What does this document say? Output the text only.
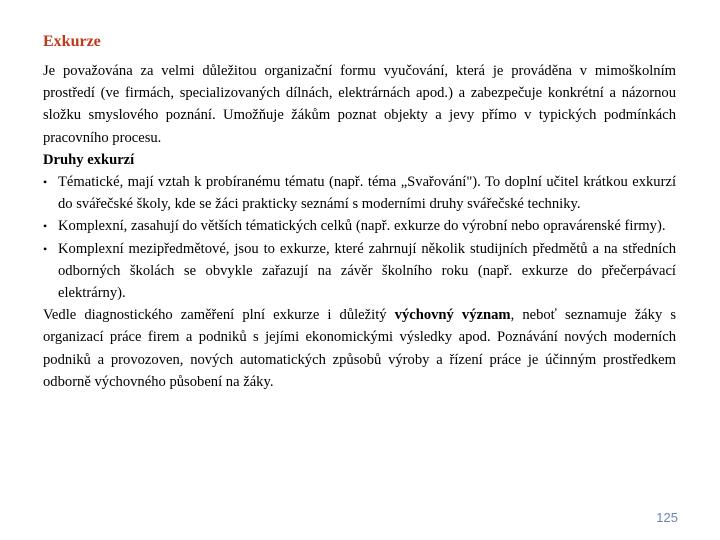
Exkurze

Je považována za velmi důležitou organizační formu vyučování, která je prováděna v mimoškolním prostředí (ve firmách, specializovaných dílnách, elektrárnách apod.) a zabezpečuje konkrétní a názornou složku smyslového poznání. Umožňuje žákům poznat objekty a jevy přímo v typických podmínkách pracovního procesu.

Druhy exkurzí

• Tématické, mají vztah k probíranému tématu (např. téma „Svařování"). To doplní učitel krátkou exkurzí do svářečské školy, kde se žáci prakticky seznámí s moderními druhy svářečské techniky.
• Komplexní, zasahují do větších tématických celků (např. exkurze do výrobní nebo opravárenské firmy).
• Komplexní mezipředmětové, jsou to exkurze, které zahrnují několik studijních předmětů a na středních odborných školách se obvykle zařazují na závěr školního roku (např. exkurze do přečerpávací elektrárny).

Vedle diagnostického zaměření plní exkurze i důležitý výchovný význam, neboť seznamuje žáky s organizací práce firem a podniků s jejími ekonomickými výsledky apod. Poznávání nových moderních podniků a provozoven, nových automatických způsobů výroby a řízení práce je účinným prostředkem odborně výchovného působení na žáky.

125
